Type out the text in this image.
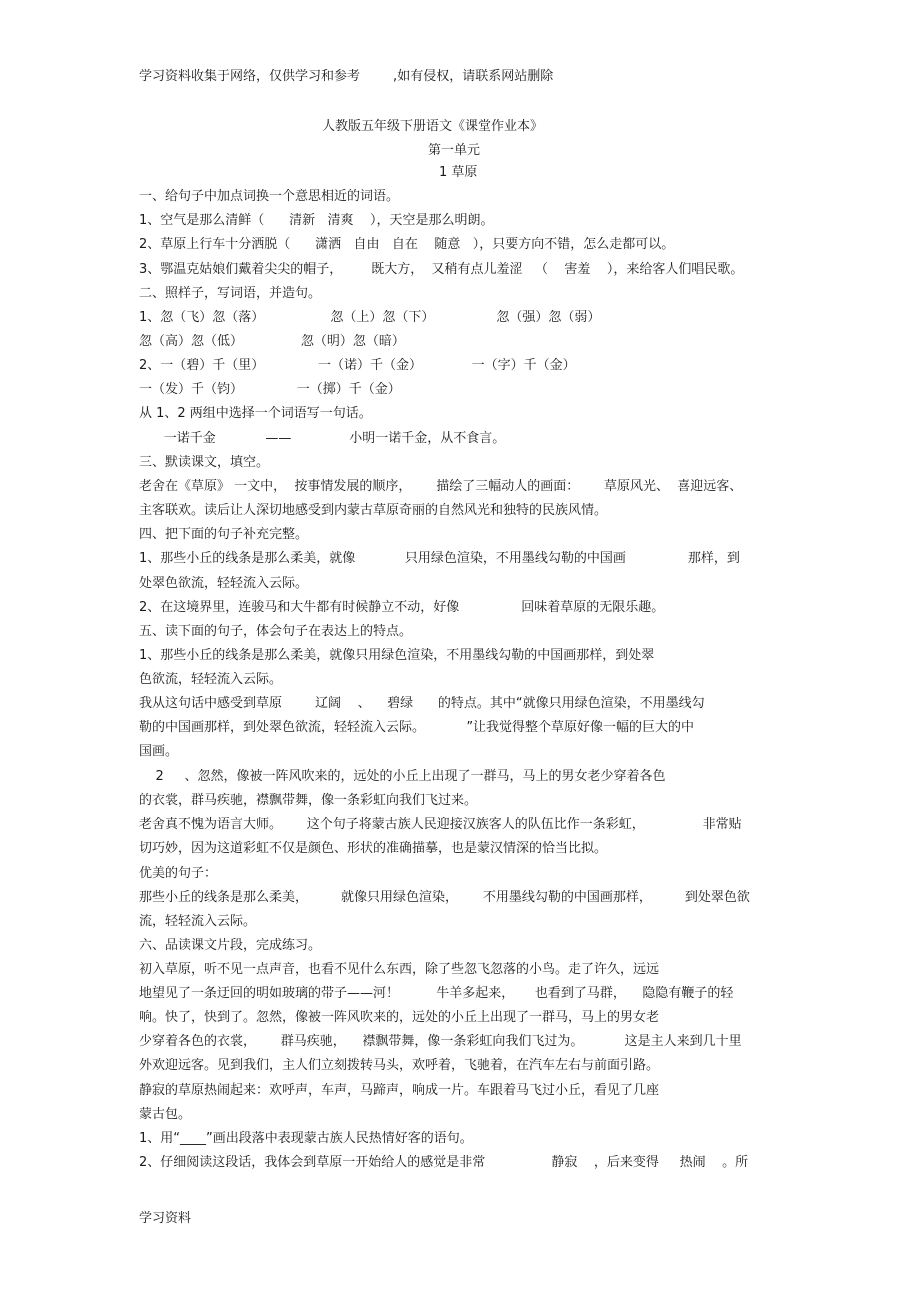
学习资料收集于网络，仅供学习和参考        ,如有侵权，请联系网站删除
人教版五年级下册语文《课堂作业本》
第一单元
1 草原
一、给句子中加点词换一个意思相近的词语。
1、空气是那么清鲜（      清新   清爽    ），天空是那么明朗。
2、草原上行车十分洒脱（      潇洒   自由   自在    随意   ），只要方向不错，怎么走都可以。
3、鄂温克姑娘们戴着尖尖的帽子，       既大方，  又稍有点儿羞涩   （    害羞    ），来给客人们唱民歌。
二、照样子，写词语，并造句。
1、忽（飞）忽（落）                忽（上）忽（下）               忽（强）忽（弱）
忽（高）忽（低）              忽（明）忽（暗）
2、一（碧）千（里）             一（诺）千（金）            一（字）千（金）
一（发）千（钧）             一（掷）千（金）
从 1、2 两组中选择一个词语写一句话。
一诺千金            ——              小明一诺千金，从不食言。
三、默读课文，填空。
老舍在《草原》 一文中，  按事情发展的顺序，      描绘了三幅动人的画面：      草原风光、  喜迎远客、
主客联欢。读后让人深切地感受到内蒙古草原奇丽的自然风光和独特的民族风情。
四、把下面的句子补充完整。
1、那些小丘的线条是那么柔美，就像            只用绿色渲染，不用墨线勾勒的中国画               那样，到
处翠色欲流，轻轻流入云际。
2、在这境界里，连骏马和大牛都有时候静立不动，好像               回味着草原的无限乐趣。
五、读下面的句子，体会句子在表达上的特点。
1、那些小丘的线条是那么柔美，就像只用绿色渲染，不用墨线勾勒的中国画那样，到处翠
色欲流，轻轻流入云际。
我从这句话中感受到草原        辽阔    、    碧绿      的特点。其中“就像只用绿色渲染，不用墨线勾
勒的中国画那样，到处翠色欲流，轻轻流入云际。          ”让我觉得整个草原好像一幅的巨大的中
国画。
2     、忽然，像被一阵风吹来的，远处的小丘上出现了一群马，马上的男女老少穿着各色
的衣裳，群马疾驰，襟飘带舞，像一条彩虹向我们飞过来。
老舍真不愧为语言大师。      这个句子将蒙古族人民迎接汉族客人的队伍比作一条彩虹，              非常贴
切巧妙，因为这道彩虹不仅是颜色、形状的准确描摹，也是蒙汉情深的恰当比拟。
优美的句子：
那些小丘的线条是那么柔美，        就像只用绿色渲染，      不用墨线勾勒的中国画那样，        到处翠色欲
流，轻轻流入云际。
六、品读课文片段，完成练习。
初入草原，听不见一点声音，也看不见什么东西，除了些忽飞忽落的小鸟。走了许久，远远
地望见了一条迂回的明如玻璃的带子——河！         牛羊多起来，     也看到了马群，    隐隐有鞭子的轻
响。快了，快到了。忽然，像被一阵风吹来的，远处的小丘上出现了一群马，马上的男女老
少穿着各色的衣裳，      群马疾驰，    襟飘带舞，像一条彩虹向我们飞过为。          这是主人来到几十里
外欢迎远客。见到我们，主人们立刻拨转马头，欢呼着，飞驰着，在汽车左右与前面引路。
静寂的草原热闹起来：欢呼声，车声，马蹄声，响成一片。车跟着马飞过小丘，看见了几座
蒙古包。
1、用“____”画出段落中表现蒙古族人民热情好客的语句。
2、仔细阅读这段话，我体会到草原一开始给人的感觉是非常                静寂    ，后来变得     热闹    。所
学习资料
